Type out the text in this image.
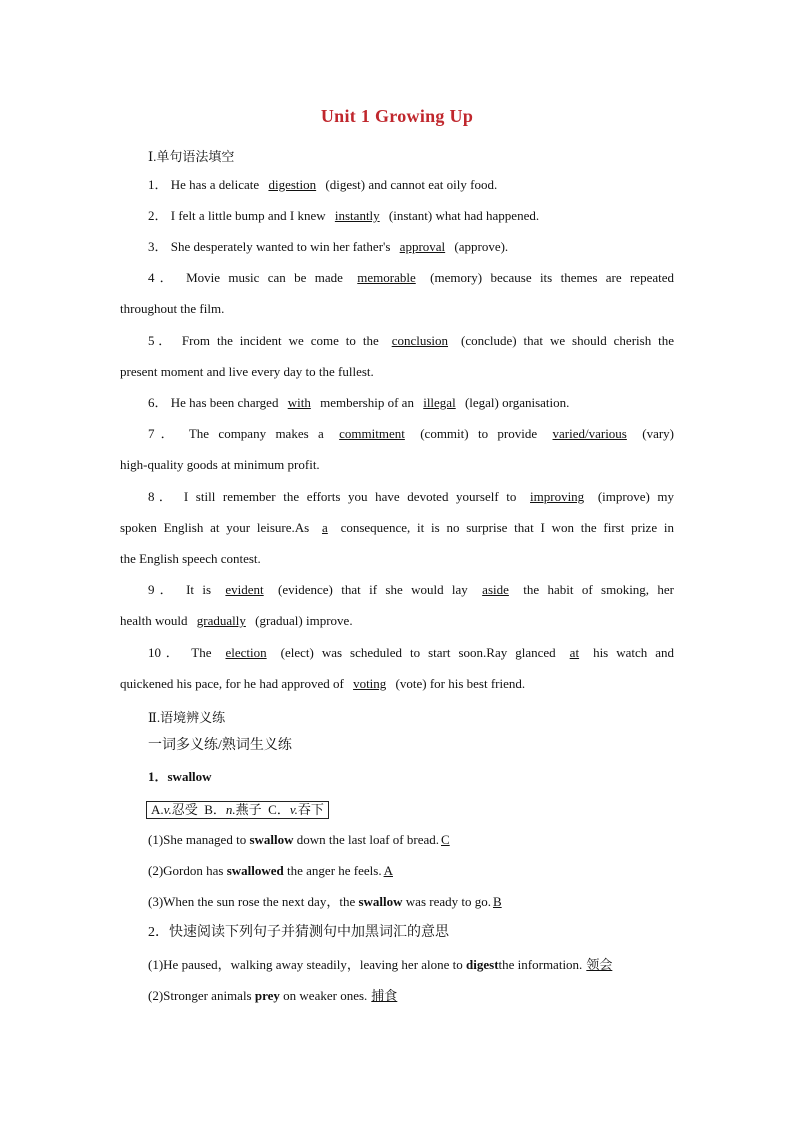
Unit 1 Growing Up
Ⅰ.单句语法填空
1． He has a delicate digestion (digest) and cannot eat oily food.
2． I felt a little bump and I knew instantly (instant) what had happened.
3． She desperately wanted to win her father's approval (approve).
4． Movie music can be made memorable (memory) because its themes are repeated
throughout the film.
5． From the incident we come to the conclusion (conclude) that we should cherish the
present moment and live every day to the fullest.
6． He has been charged with membership of an illegal (legal) organisation.
7． The company makes a commitment (commit) to provide varied/various (vary)
high-quality goods at minimum profit.
8． I still remember the efforts you have devoted yourself to improving (improve) my
spoken English at your leisure.As a consequence, it is no surprise that I won the first prize in
the English speech contest.
9． It is evident (evidence) that if she would lay aside the habit of smoking, her
health would gradually (gradual) improve.
10． The election (elect) was scheduled to start soon.Ray glanced at his watch and
quickened his pace, for he had approved of voting (vote) for his best friend.
Ⅱ.语境辨义练
一词多义练/熟词生义练
1．swallow
A.v.忍受 B．n.燕子 C．v.吞下
(1)She managed to swallow down the last loaf of bread. C
(2)Gordon has swallowed the anger he feels. A
(3)When the sun rose the next day，the swallow was ready to go. B
2．快速阅读下列句子并猜测句中加黑词汇的意思
(1)He paused，walking away steadily，leaving her alone to digestthe information. 领会
(2)Stronger animals prey on weaker ones. 捕食
